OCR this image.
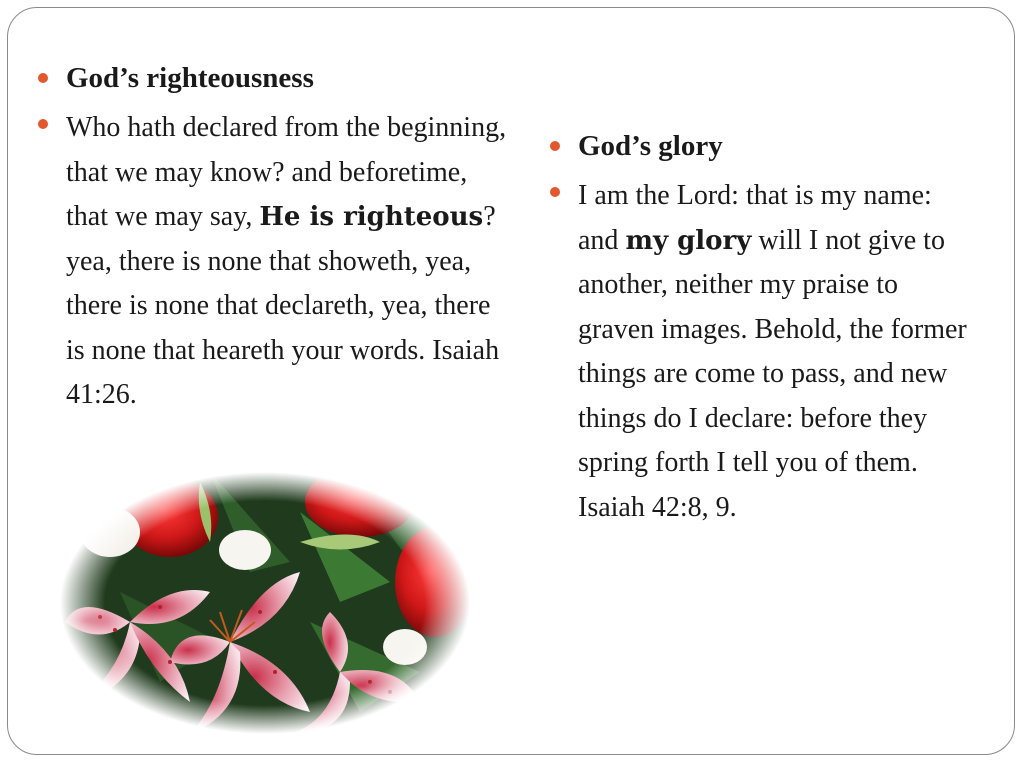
God’s righteousness
Who hath declared from the beginning, that we may know? and beforetime, that we may say, He is righteous? yea, there is none that showeth, yea, there is none that declareth, yea, there is none that heareth your words. Isaiah 41:26.
God’s glory
I am the Lord: that is my name: and my glory will I not give to another, neither my praise to graven images. Behold, the former things are come to pass, and new things do I declare: before they spring forth I tell you of them. Isaiah 42:8, 9.
